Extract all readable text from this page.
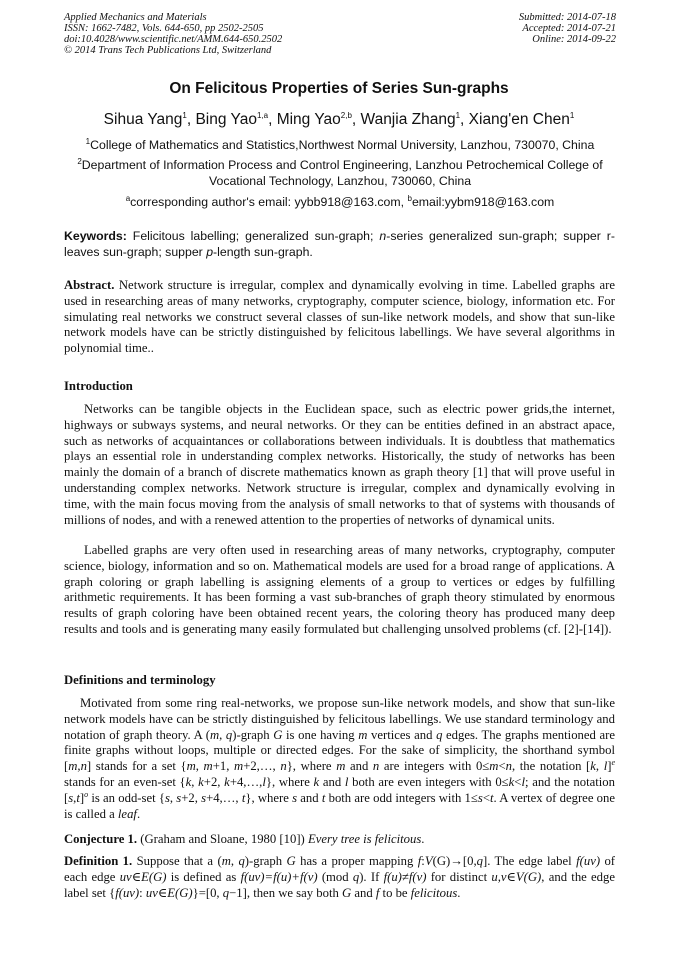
Applied Mechanics and Materials
ISSN: 1662-7482, Vols. 644-650, pp 2502-2505
doi:10.4028/www.scientific.net/AMM.644-650.2502
© 2014 Trans Tech Publications Ltd, Switzerland
Submitted: 2014-07-18
Accepted: 2014-07-21
Online: 2014-09-22
On Felicitous Properties of Series Sun-graphs
Sihua Yang$^1$, Bing Yao$^{1,a}$, Ming Yao$^{2,b}$, Wanjia Zhang$^1$, Xiang'en Chen$^1$
$^1$College of Mathematics and Statistics,Northwest Normal University, Lanzhou, 730070, China
$^2$Department of Information Process and Control Engineering, Lanzhou Petrochemical College of Vocational Technology, Lanzhou, 730060, China
$^a$corresponding author's email: yybb918@163.com, $^b$email:yybm918@163.com
Keywords: Felicitous labelling; generalized sun-graph; n-series generalized sun-graph; supper r-leaves sun-graph; supper p-length sun-graph.
Abstract. Network structure is irregular, complex and dynamically evolving in time. Labelled graphs are used in researching areas of many networks, cryptography, computer science, biology, information etc. For simulating real networks we construct several classes of sun-like network models, and show that sun-like network models have can be strictly distinguished by felicitous labellings. We have several algorithms in polynomial time..
Introduction
Networks can be tangible objects in the Euclidean space, such as electric power grids,the internet, highways or subways systems, and neural networks. Or they can be entities defined in an abstract apace, such as networks of acquaintances or collaborations between individuals. It is doubtless that mathematics plays an essential role in understanding complex networks. Historically, the study of networks has been mainly the domain of a branch of discrete mathematics known as graph theory [1] that will prove useful in understanding complex networks. Network structure is irregular, complex and dynamically evolving in time, with the main focus moving from the analysis of small networks to that of systems with thousands of millions of nodes, and with a renewed attention to the properties of networks of dynamical units.
Labelled graphs are very often used in researching areas of many networks, cryptography, computer science, biology, information and so on. Mathematical models are used for a broad range of applications. A graph coloring or graph labelling is assigning elements of a group to vertices or edges by fulfilling arithmetic requirements. It has been forming a vast sub-branches of graph theory stimulated by enormous results of graph coloring have been obtained recent years, the coloring theory has produced many deep results and tools and is generating many easily formulated but challenging unsolved problems (cf. [2]-[14]).
Definitions and terminology
Motivated from some ring real-networks, we propose sun-like network models, and show that sun-like network models have can be strictly distinguished by felicitous labellings. We use standard terminology and notation of graph theory. A (m, q)-graph G is one having m vertices and q edges. The graphs mentioned are finite graphs without loops, multiple or directed edges. For the sake of simplicity, the shorthand symbol [m,n] stands for a set {m, m+1, m+2,…, n}, where m and n are integers with 0≤m<n, the notation [k, l]$^e$ stands for an even-set {k, k+2, k+4,…,l}, where k and l both are even integers with 0≤k<l; and the notation $[s,t]^o$ is an odd-set {s, s+2, s+4,…, t}, where s and t both are odd integers with 1≤s<t. A vertex of degree one is called a leaf.
Conjecture 1. (Graham and Sloane, 1980 [10]) Every tree is felicitous.
Definition 1. Suppose that a (m, q)-graph G has a proper mapping f:V(G)→[0,q]. The edge label f(uv) of each edge uv∈E(G) is defined as f(uv)=f(u)+f(v) (mod q). If f(u)≠f(v) for distinct u,v∈V(G), and the edge label set {f(uv): uv∈E(G)}=[0, q−1], then we say both G and f to be felicitous.
